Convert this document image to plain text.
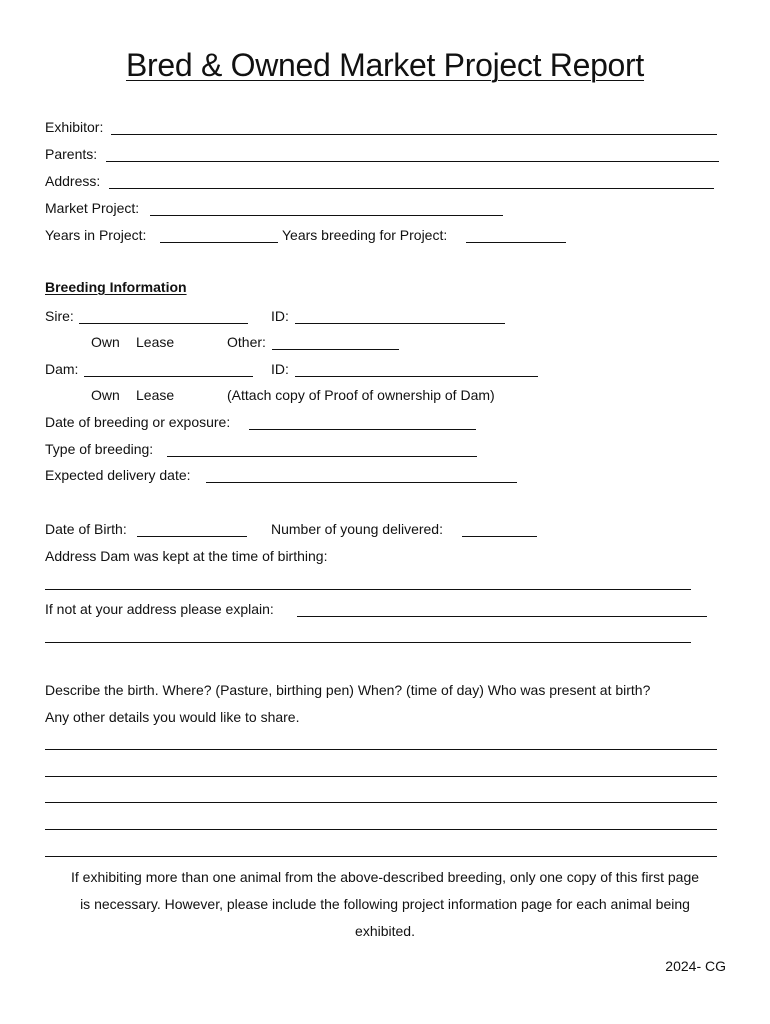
Bred & Owned Market Project Report
Exhibitor:
Parents:
Address:
Market Project:
Years in Project:	Years breeding for Project:
Breeding Information
Sire:	ID:
Own Lease	Other:
Dam:	ID:
Own Lease	(Attach copy of Proof of ownership of Dam)
Date of breeding or exposure:
Type of breeding:
Expected delivery date:
Date of Birth:	Number of young delivered:
Address Dam was kept at the time of birthing:
If not at your address please explain:
Describe the birth. Where? (Pasture, birthing pen) When? (time of day) Who was present at birth?
Any other details you would like to share.
If exhibiting more than one animal from the above-described breeding, only one copy of this first page
is necessary. However, please include the following project information page for each animal being
exhibited.
2024- CG
